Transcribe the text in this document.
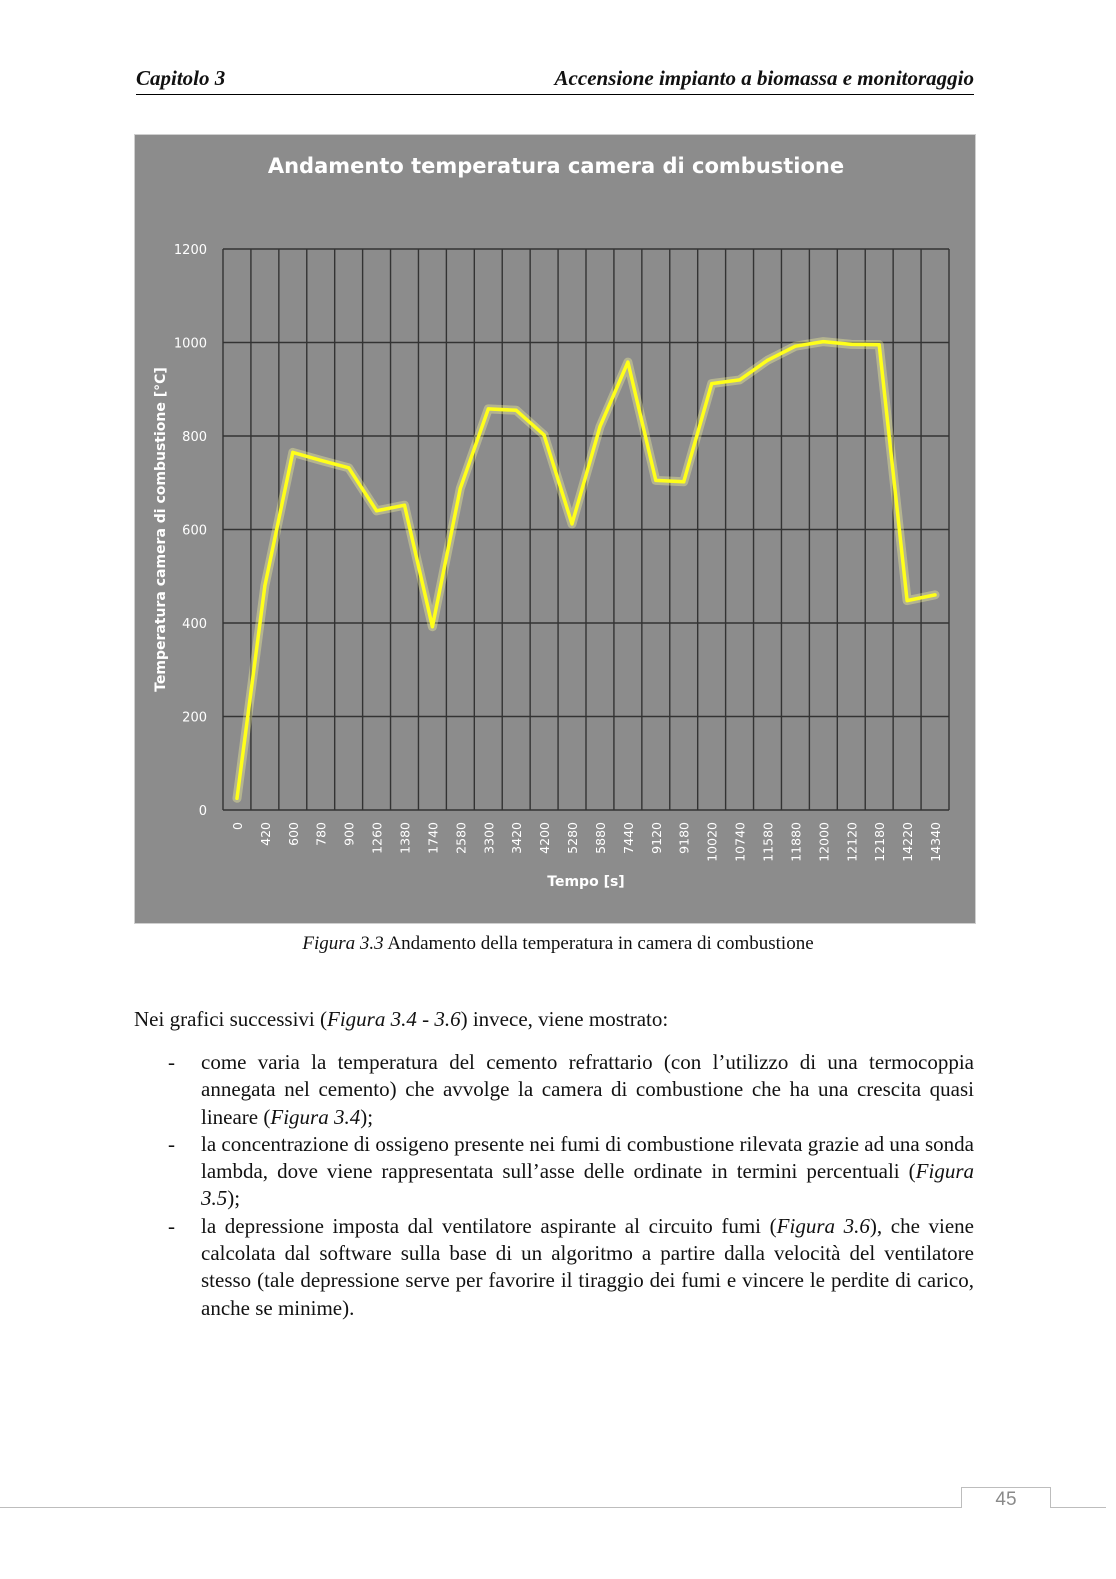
Capitolo 3	Accensione impianto a biomassa e monitoraggio
Andamento temperatura camera di combustione
0
200
400
600
800
1000
1200
0 420 600 780 900 1260 1380 1740 2580 3300 3420 4200 5280 5880 7440 9120 9180 10020 10740 11580 11880 12000 12120 12180 14220 14340
Tempo [s]
Temperatura camera di combustione [°C]
Figura 3.3 Andamento della temperatura in camera di combustione
Nei grafici successivi (Figura 3.4 - 3.6) invece, viene mostrato:
- come varia la temperatura del cemento refrattario (con l’utilizzo di una termocoppia annegata nel cemento) che avvolge la camera di combustione che ha una crescita quasi lineare (Figura 3.4);
- la concentrazione di ossigeno presente nei fumi di combustione rilevata grazie ad una sonda lambda, dove viene rappresentata sull’asse delle ordinate in termini percentuali (Figura 3.5);
- la depressione imposta dal ventilatore aspirante al circuito fumi (Figura 3.6), che viene calcolata dal software sulla base di un algoritmo a partire dalla velocità del ventilatore stesso (tale depressione serve per favorire il tiraggio dei fumi e vincere le perdite di carico, anche se minime).
45
